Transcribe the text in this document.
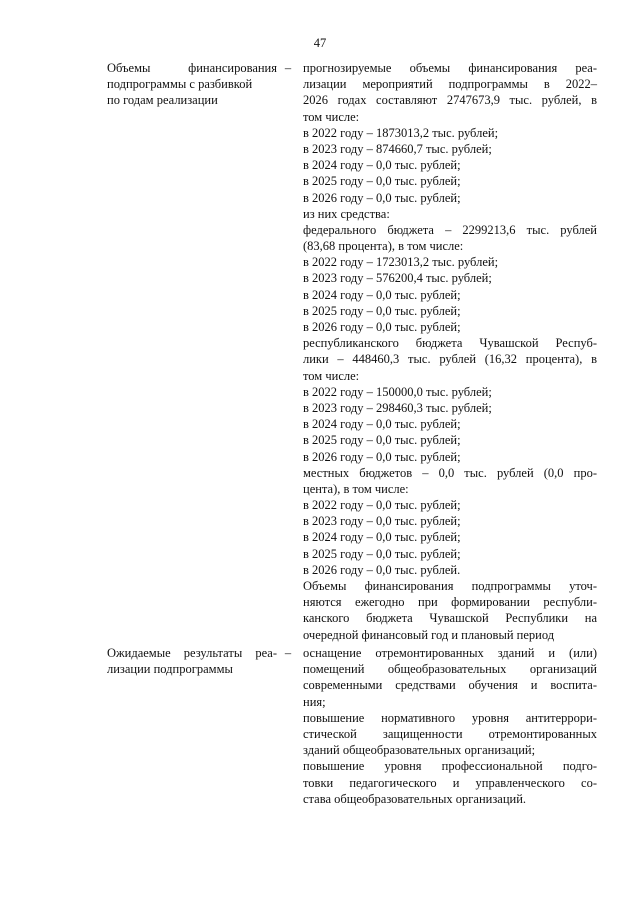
47
Объемы финансирования
подпрограммы с разбивкой
по годам реализации
– прогнозируемые объемы финансирования реа-
лизации мероприятий подпрограммы в 2022–
2026 годах составляют 2747673,9 тыс. рублей, в
том числе:
в 2022 году – 1873013,2 тыс. рублей;
в 2023 году – 874660,7 тыс. рублей;
в 2024 году – 0,0 тыс. рублей;
в 2025 году – 0,0 тыс. рублей;
в 2026 году – 0,0 тыс. рублей;
из них средства:
федерального бюджета – 2299213,6 тыс. рублей
(83,68 процента), в том числе:
в 2022 году – 1723013,2 тыс. рублей;
в 2023 году – 576200,4 тыс. рублей;
в 2024 году – 0,0 тыс. рублей;
в 2025 году – 0,0 тыс. рублей;
в 2026 году – 0,0 тыс. рублей;
республиканского бюджета Чувашской Респуб-
лики – 448460,3 тыс. рублей (16,32 процента), в
том числе:
в 2022 году – 150000,0 тыс. рублей;
в 2023 году – 298460,3 тыс. рублей;
в 2024 году – 0,0 тыс. рублей;
в 2025 году – 0,0 тыс. рублей;
в 2026 году – 0,0 тыс. рублей;
местных бюджетов – 0,0 тыс. рублей (0,0 про-
цента), в том числе:
в 2022 году – 0,0 тыс. рублей;
в 2023 году – 0,0 тыс. рублей;
в 2024 году – 0,0 тыс. рублей;
в 2025 году – 0,0 тыс. рублей;
в 2026 году – 0,0 тыс. рублей.
Объемы финансирования подпрограммы уточ-
няются ежегодно при формировании республи-
канского бюджета Чувашской Республики на
очередной финансовый год и плановый период
Ожидаемые результаты реа-
лизации подпрограммы
– оснащение отремонтированных зданий и (или)
помещений общеобразовательных организаций
современными средствами обучения и воспита-
ния;
повышение нормативного уровня антитеррори-
стической защищенности отремонтированных
зданий общеобразовательных организаций;
повышение уровня профессиональной подго-
товки педагогического и управленческого со-
става общеобразовательных организаций.
